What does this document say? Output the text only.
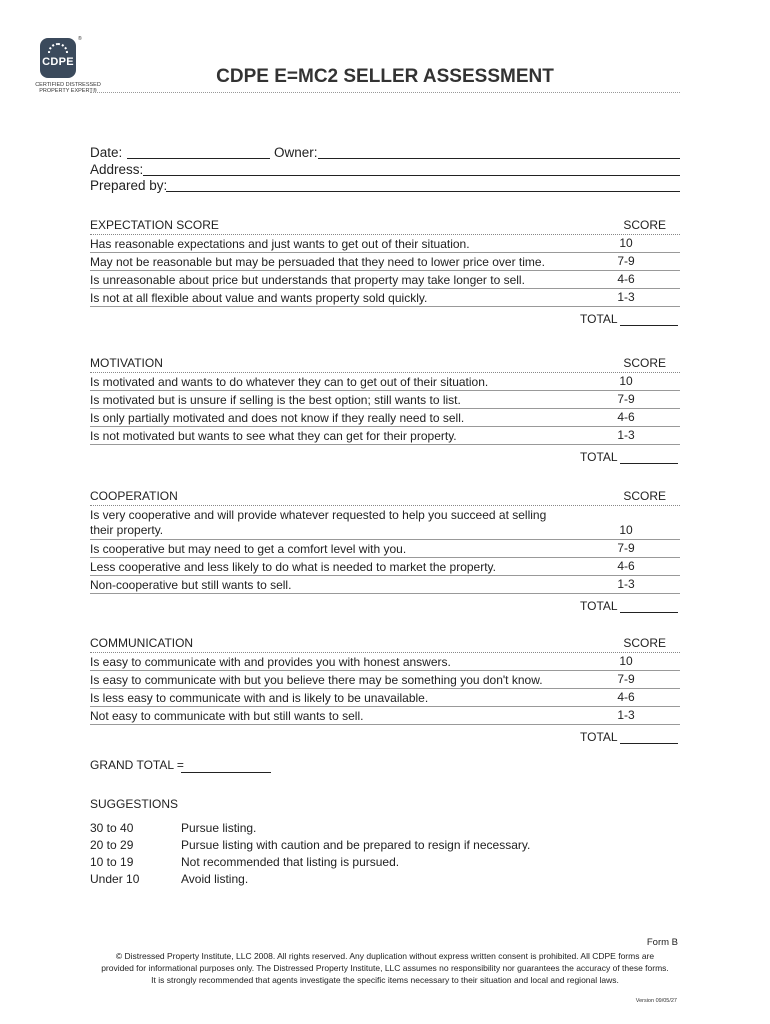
CDPE
®
CERTIFIED DISTRESSED
PROPERTY EXPERT®
CDPE E=MC2 SELLER ASSESSMENT
Date:	Owner:
Address:
Prepared by:
EXPECTATION SCORE	SCORE
Has reasonable expectations and just wants to get out of their situation.	10
May not be reasonable but may be persuaded that they need to lower price over time.	7-9
Is unreasonable about price but understands that property may take longer to sell.	4-6
Is not at all flexible about value and wants property sold quickly.	1-3
TOTAL
MOTIVATION	SCORE
Is motivated and wants to do whatever they can to get out of their situation.	10
Is motivated but is unsure if selling is the best option; still wants to list.	7-9
Is only partially motivated and does not know if they really need to sell.	4-6
Is not motivated but wants to see what they can get for their property.	1-3
TOTAL
COOPERATION	SCORE
Is very cooperative and will provide whatever requested to help you succeed at selling their property.	10
Is cooperative but may need to get a comfort level with you.	7-9
Less cooperative and less likely to do what is needed to market the property.	4-6
Non-cooperative but still wants to sell.	1-3
TOTAL
COMMUNICATION	SCORE
Is easy to communicate with and provides you with honest answers.	10
Is easy to communicate with but you believe there may be something you don't know.	7-9
Is less easy to communicate with and is likely to be unavailable.	4-6
Not easy to communicate with but still wants to sell.	1-3
TOTAL
GRAND TOTAL =
SUGGESTIONS
30 to 40	Pursue listing.
20 to 29	Pursue listing with caution and be prepared to resign if necessary.
10 to 19	Not recommended that listing is pursued.
Under 10	Avoid listing.
Form B
© Distressed Property Institute, LLC 2008. All rights reserved. Any duplication without express written consent is prohibited. All CDPE forms are
provided for informational purposes only. The Distressed Property Institute, LLC assumes no responsibility nor guarantees the accuracy of these forms.
It is strongly recommended that agents investigate the specific items necessary to their situation and local and regional laws.
Version 09/05/27
